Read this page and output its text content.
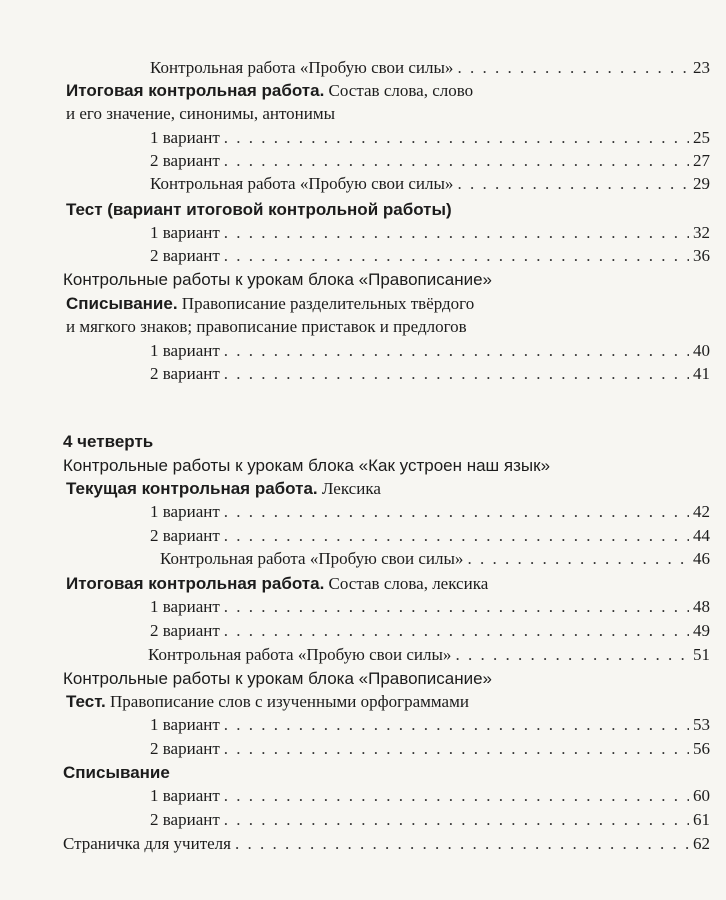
Контрольная работа «Пробую свои силы» . . .	23
Итоговая контрольная работа. Состав слова, слово
и его значение, синонимы, антонимы
1 вариант . . .	25
2 вариант . . .	27
Контрольная работа «Пробую свои силы» . . .	29
Тест (вариант итоговой контрольной работы)
1 вариант . . .	32
2 вариант . . .	36
Контрольные работы к урокам блока «Правописание»
Списывание. Правописание разделительных твёрдого
и мягкого знаков; правописание приставок и предлогов
1 вариант . . .	40
2 вариант . . .	41
4 четверть
Контрольные работы к урокам блока «Как устроен наш язык»
Текущая контрольная работа. Лексика
1 вариант . . .	42
2 вариант . . .	44
Контрольная работа «Пробую свои силы» . . .	46
Итоговая контрольная работа. Состав слова, лексика
1 вариант . . .	48
2 вариант . . .	49
Контрольная работа «Пробую свои силы» . . .	51
Контрольные работы к урокам блока «Правописание»
Тест. Правописание слов с изученными орфограммами
1 вариант . . .	53
2 вариант . . .	56
Списывание
1 вариант . . .	60
2 вариант . . .	61
Страничка для учителя . . .	62
